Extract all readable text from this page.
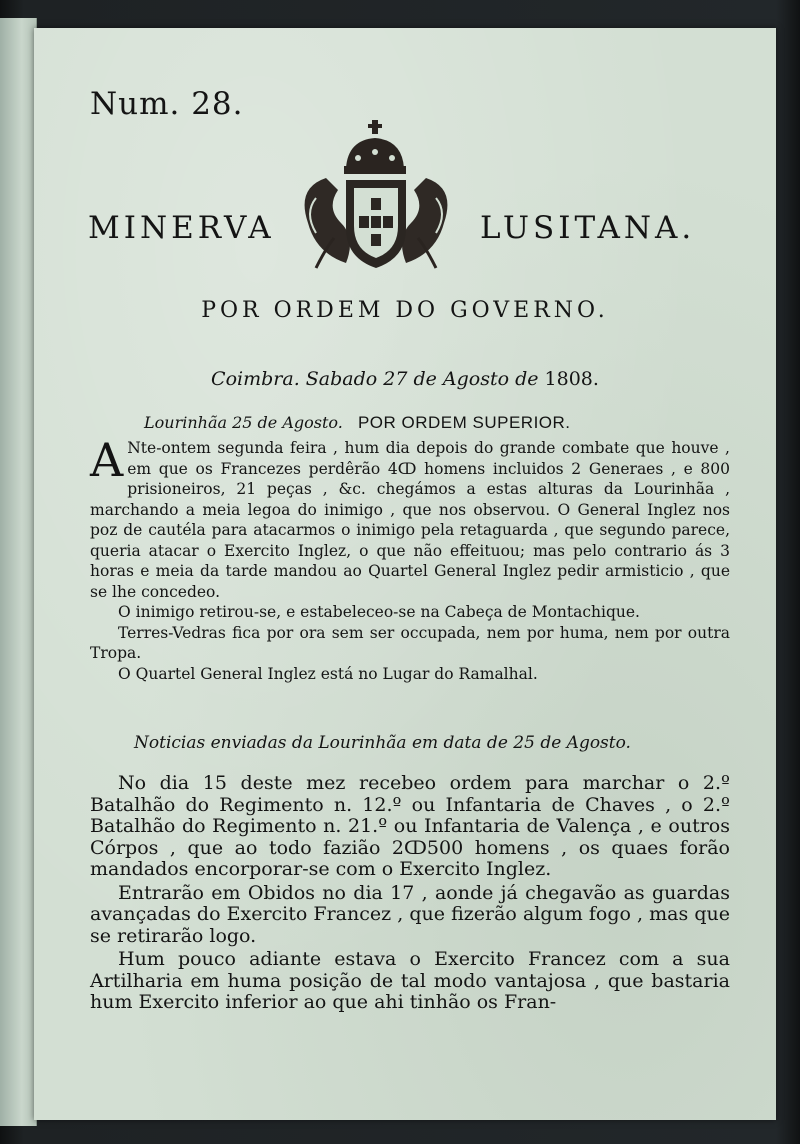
Num. 28.
MINERVA	LUSITANA.
POR ORDEM DO GOVERNO.
Coimbra. Sabado 27 de Agosto de 1808.
Lourinhãa 25 de Agosto. POR ORDEM SUPERIOR.

A Nte-ontem segunda feira , hum dia depois do grande combate que houve , em que os Francezes perdêrão 4ↀ homens incluidos 2 Generaes , e 800 prisioneiros, 21 peças , &c. chegámos a estas alturas da Lourinhãa , marchando a meia legoa do inimigo , que nos observou. O General Inglez nos poz de cautéla para atacarmos o inimigo pela retaguarda , que segundo parece, queria atacar o Exercito Inglez, o que não effeituou; mas pelo contrario ás 3 horas e meia da tarde mandou ao Quartel General Inglez pedir armisticio , que se lhe concedeo.

O inimigo retirou-se, e estabeleceo-se na Cabeça de Montachique.

Terres-Vedras fica por ora sem ser occupada, nem por huma, nem por outra Tropa.

O Quartel General Inglez está no Lugar do Ramalhal.

Noticias enviadas da Lourinhãa em data de 25 de Agosto.

No dia 15 deste mez recebeo ordem para marchar o 2.º Batalhão do Regimento n. 12.º ou Infantaria de Chaves , o 2.º Batalhão do Regimento n. 21.º ou Infantaria de Valença , e outros Córpos , que ao todo fazião 2ↀ500 homens , os quaes forão mandados encorporar-se com o Exercito Inglez.

Entrarão em Obidos no dia 17 , aonde já chegavão as guardas avançadas do Exercito Francez , que fizerão algum fogo , mas que se retirarão logo.

Hum pouco adiante estava o Exercito Francez com a sua Artilharia em huma posição de tal modo vantajosa , que bastaria hum Exercito inferior ao que ahi tinhão os Fran-
